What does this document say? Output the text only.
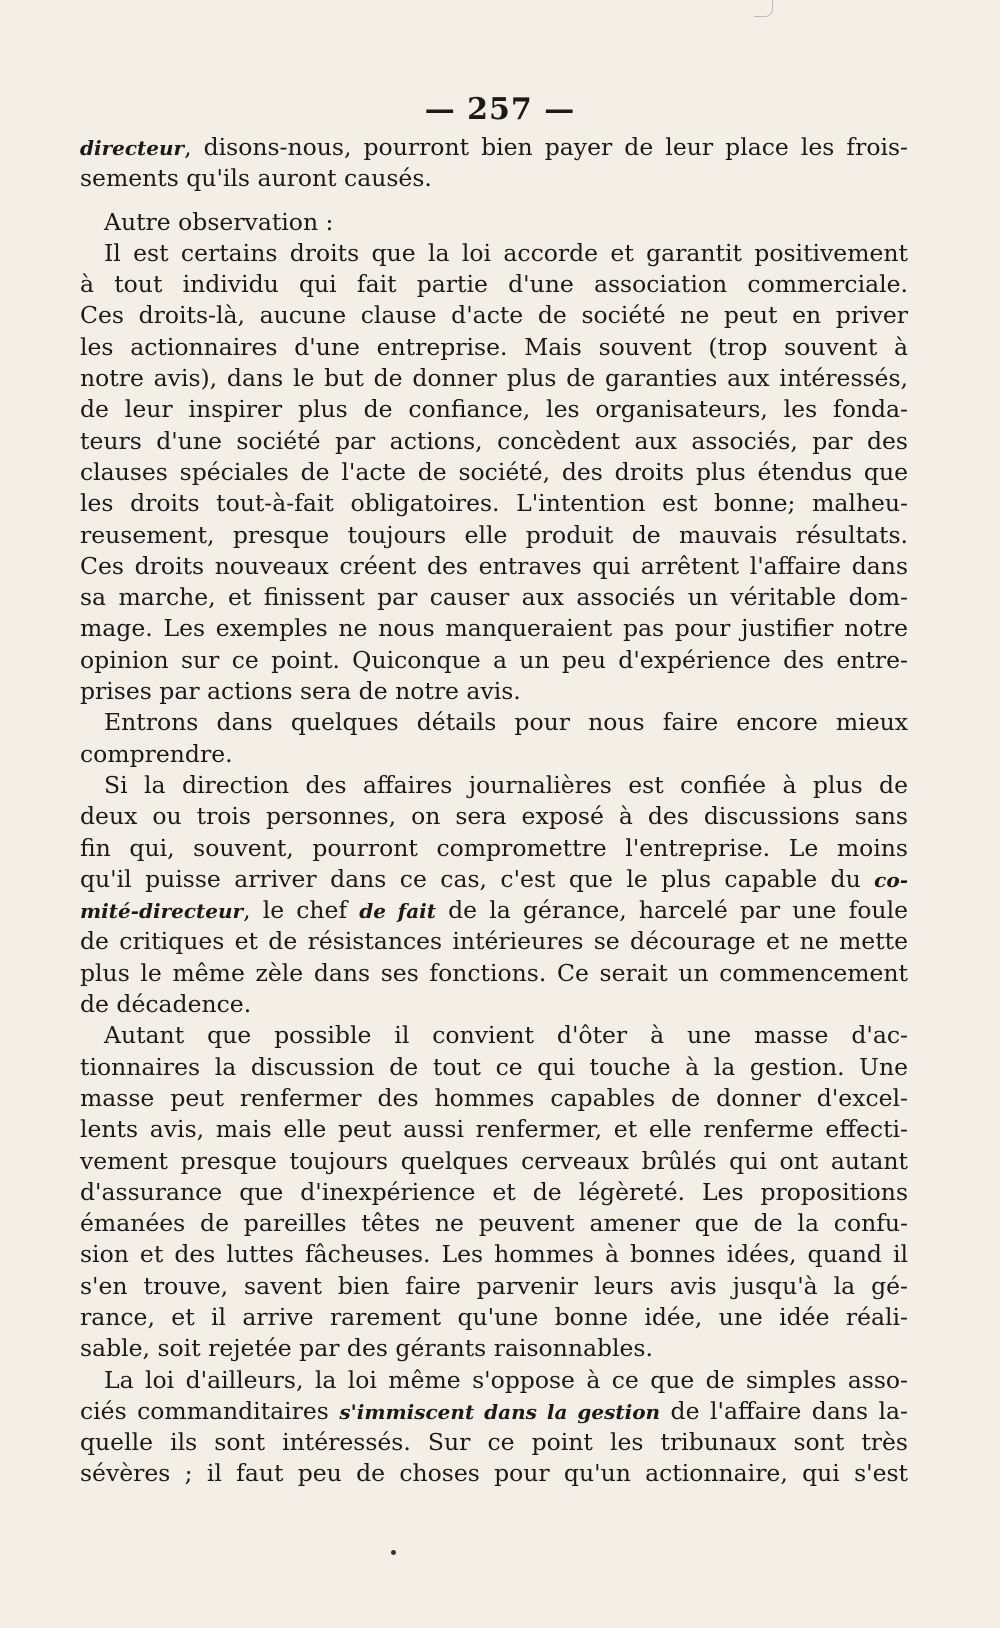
— 257 —
directeur, disons-nous, pourront bien payer de leur place les frois-
sements qu'ils auront causés.
Autre observation :
Il est certains droits que la loi accorde et garantit positivement
à tout individu qui fait partie d'une association commerciale.
Ces droits-là, aucune clause d'acte de société ne peut en priver
les actionnaires d'une entreprise. Mais souvent (trop souvent à
notre avis), dans le but de donner plus de garanties aux intéressés,
de leur inspirer plus de confiance, les organisateurs, les fonda-
teurs d'une société par actions, concèdent aux associés, par des
clauses spéciales de l'acte de société, des droits plus étendus que
les droits tout-à-fait obligatoires. L'intention est bonne; malheu-
reusement, presque toujours elle produit de mauvais résultats.
Ces droits nouveaux créent des entraves qui arrêtent l'affaire dans
sa marche, et finissent par causer aux associés un véritable dom-
mage. Les exemples ne nous manqueraient pas pour justifier notre
opinion sur ce point. Quiconque a un peu d'expérience des entre-
prises par actions sera de notre avis.
Entrons dans quelques détails pour nous faire encore mieux
comprendre.
Si la direction des affaires journalières est confiée à plus de
deux ou trois personnes, on sera exposé à des discussions sans
fin qui, souvent, pourront compromettre l'entreprise. Le moins
qu'il puisse arriver dans ce cas, c'est que le plus capable du co-
mité-directeur, le chef de fait de la gérance, harcelé par une foule
de critiques et de résistances intérieures se décourage et ne mette
plus le même zèle dans ses fonctions. Ce serait un commencement
de décadence.
Autant que possible il convient d'ôter à une masse d'ac-
tionnaires la discussion de tout ce qui touche à la gestion. Une
masse peut renfermer des hommes capables de donner d'excel-
lents avis, mais elle peut aussi renfermer, et elle renferme effecti-
vement presque toujours quelques cerveaux brûlés qui ont autant
d'assurance que d'inexpérience et de légèreté. Les propositions
émanées de pareilles têtes ne peuvent amener que de la confu-
sion et des luttes fâcheuses. Les hommes à bonnes idées, quand il
s'en trouve, savent bien faire parvenir leurs avis jusqu'à la gé-
rance, et il arrive rarement qu'une bonne idée, une idée réali-
sable, soit rejetée par des gérants raisonnables.
La loi d'ailleurs, la loi même s'oppose à ce que de simples asso-
ciés commanditaires s'immiscent dans la gestion de l'affaire dans la-
quelle ils sont intéressés. Sur ce point les tribunaux sont très
sévères ; il faut peu de choses pour qu'un actionnaire, qui s'est
